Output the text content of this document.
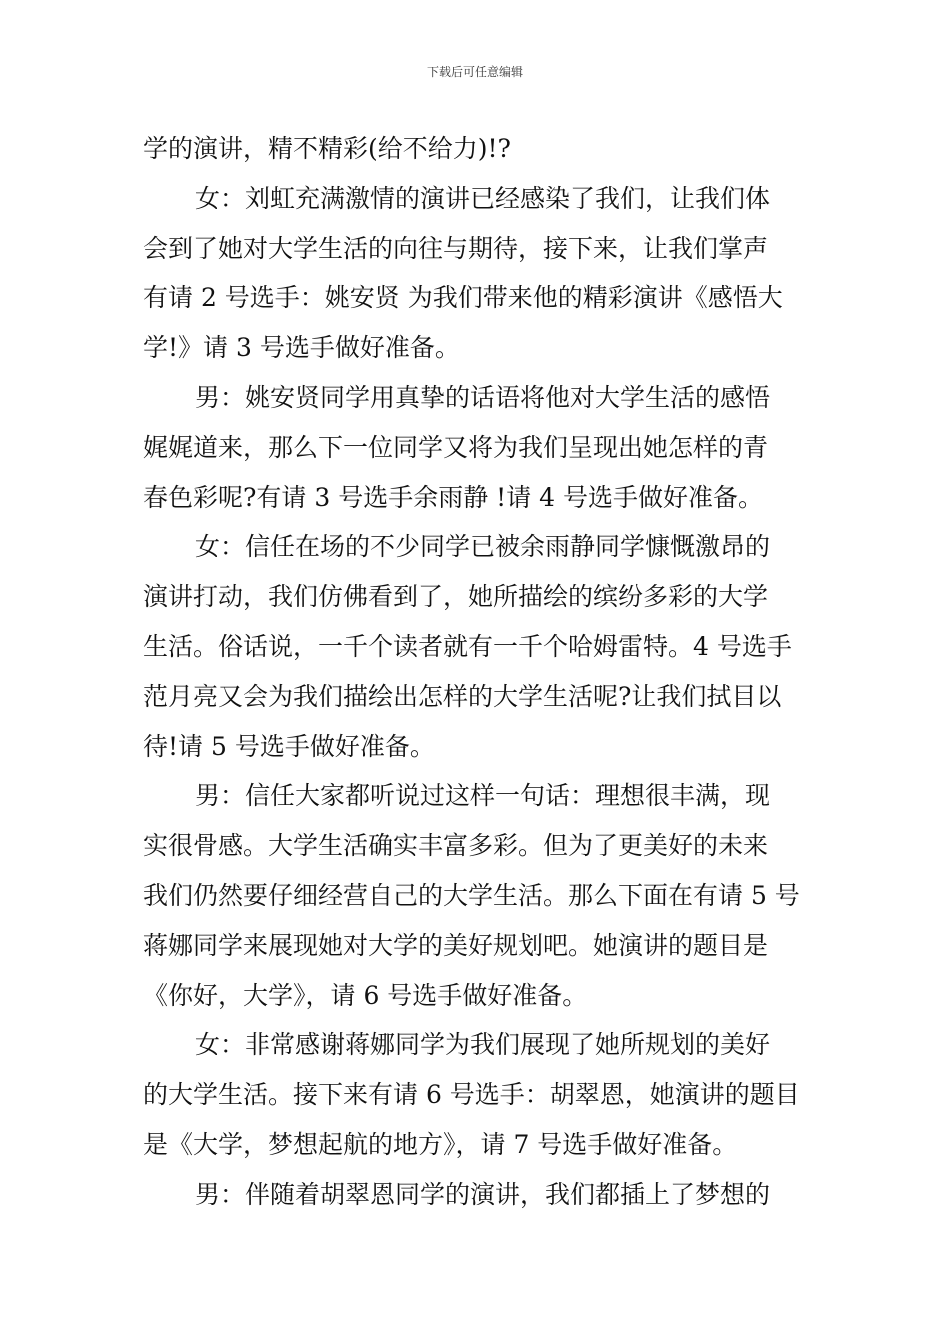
下载后可任意编辑
学的演讲，精不精彩(给不给力)!?
女：刘虹充满激情的演讲已经感染了我们，让我们体
会到了她对大学生活的向往与期待，接下来，让我们掌声
有请 2 号选手：姚安贤 为我们带来他的精彩演讲《感悟大
学!》请 3 号选手做好准备。
男：姚安贤同学用真挚的话语将他对大学生活的感悟
娓娓道来，那么下一位同学又将为我们呈现出她怎样的青
春色彩呢?有请 3 号选手余雨静 !请 4 号选手做好准备。
女：信任在场的不少同学已被余雨静同学慷慨激昂的
演讲打动，我们仿佛看到了，她所描绘的缤纷多彩的大学
生活。俗话说，一千个读者就有一千个哈姆雷特。4 号选手
范月亮又会为我们描绘出怎样的大学生活呢?让我们拭目以
待!请 5 号选手做好准备。
男：信任大家都听说过这样一句话：理想很丰满，现
实很骨感。大学生活确实丰富多彩。但为了更美好的未来
我们仍然要仔细经营自己的大学生活。那么下面在有请 5 号
蒋娜同学来展现她对大学的美好规划吧。她演讲的题目是
《你好，大学》，请 6 号选手做好准备。
女：非常感谢蒋娜同学为我们展现了她所规划的美好
的大学生活。接下来有请 6 号选手：胡翠恩，她演讲的题目
是《大学，梦想起航的地方》，请 7 号选手做好准备。
男：伴随着胡翠恩同学的演讲，我们都插上了梦想的
